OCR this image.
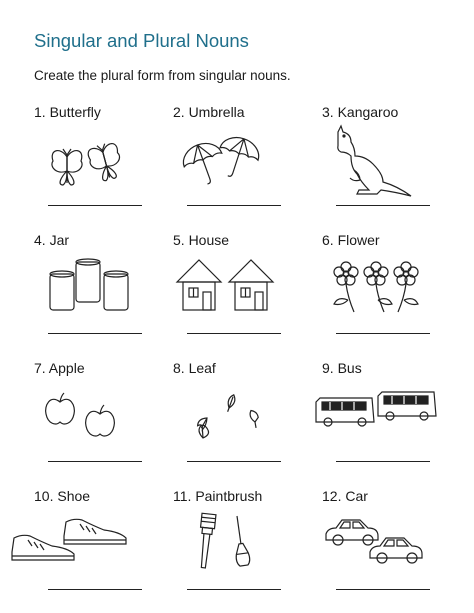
Singular and Plural Nouns
Create the plural form from singular nouns.
1. Butterfly	2. Umbrella	3. Kangaroo
4. Jar	5. House	6. Flower
7. Apple	8. Leaf	9. Bus
10. Shoe	11. Paintbrush	12. Car
